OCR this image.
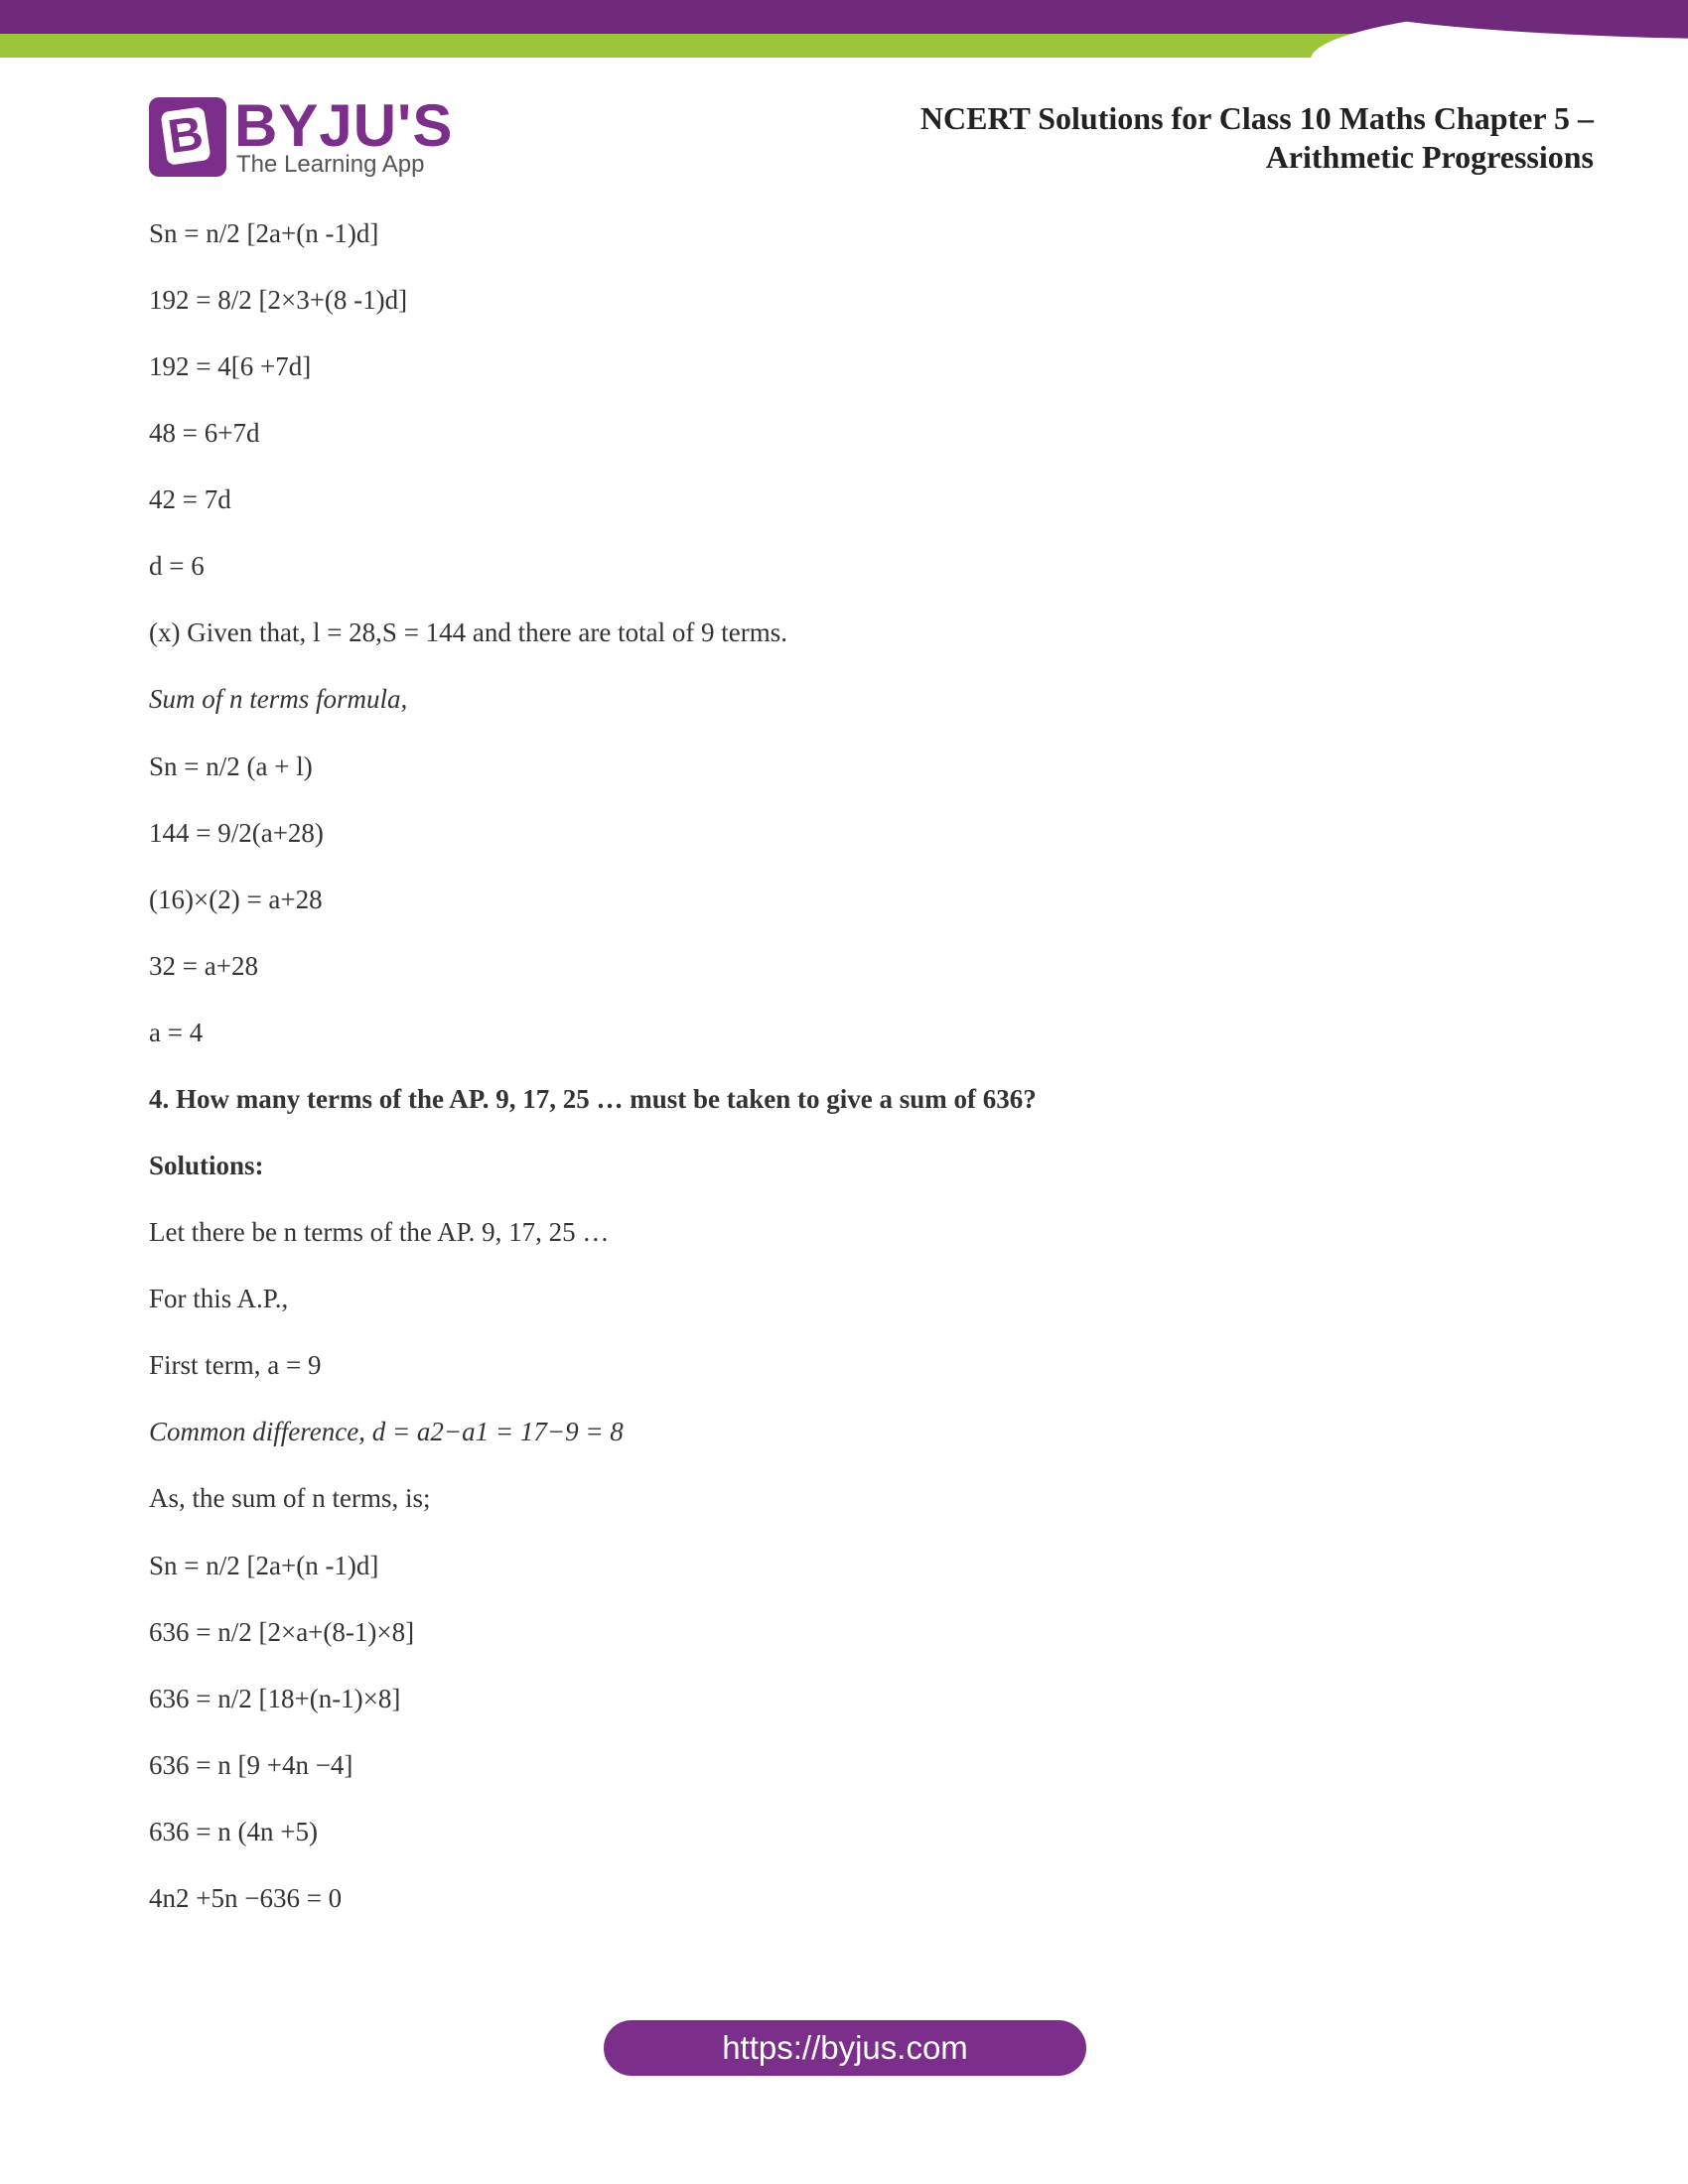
B BYJU'S
The Learning App
NCERT Solutions for Class 10 Maths Chapter 5 –
Arithmetic Progressions
Sn = n/2 [2a+(n -1)d]
192 = 8/2 [2×3+(8 -1)d]
192 = 4[6 +7d]
48 = 6+7d
42 = 7d
d = 6
(x) Given that, l = 28,S = 144 and there are total of 9 terms.
Sum of n terms formula,
Sn = n/2 (a + l)
144 = 9/2(a+28)
(16)×(2) = a+28
32 = a+28
a = 4
4. How many terms of the AP. 9, 17, 25 … must be taken to give a sum of 636?
Solutions:
Let there be n terms of the AP. 9, 17, 25 …
For this A.P.,
First term, a = 9
Common difference, d = a2−a1 = 17−9 = 8
As, the sum of n terms, is;
Sn = n/2 [2a+(n -1)d]
636 = n/2 [2×a+(8-1)×8]
636 = n/2 [18+(n-1)×8]
636 = n [9 +4n −4]
636 = n (4n +5)
4n2 +5n −636 = 0
https://byjus.com
